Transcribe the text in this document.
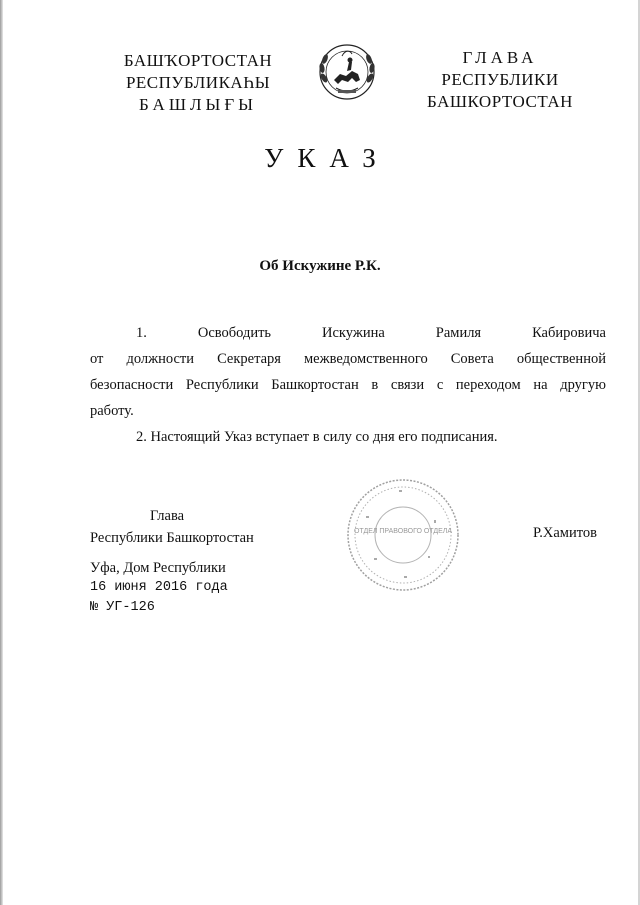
БАШҠОРТОСТАН
РЕСПУБЛИКАҺЫ
БАШЛЫҒЫ
ГЛАВА
РЕСПУБЛИКИ
БАШКОРТОСТАН
УКАЗ
Об Искужине Р.К.
1.	Освободить	Искужина	Рамиля	Кабировича
от должности Секретаря межведомственного Совета общественной
безопасности Республики Башкортостан в связи с переходом на другую
работу.

2. Настоящий Указ вступает в силу со дня его подписания.

Глава
Республики Башкортостан	ОТДЕЛ ПРАВОВОГО ОТДЕЛА	Р.Хамитов
Уфа, Дом Республики
16 июня 2016 года
№ УГ-126
